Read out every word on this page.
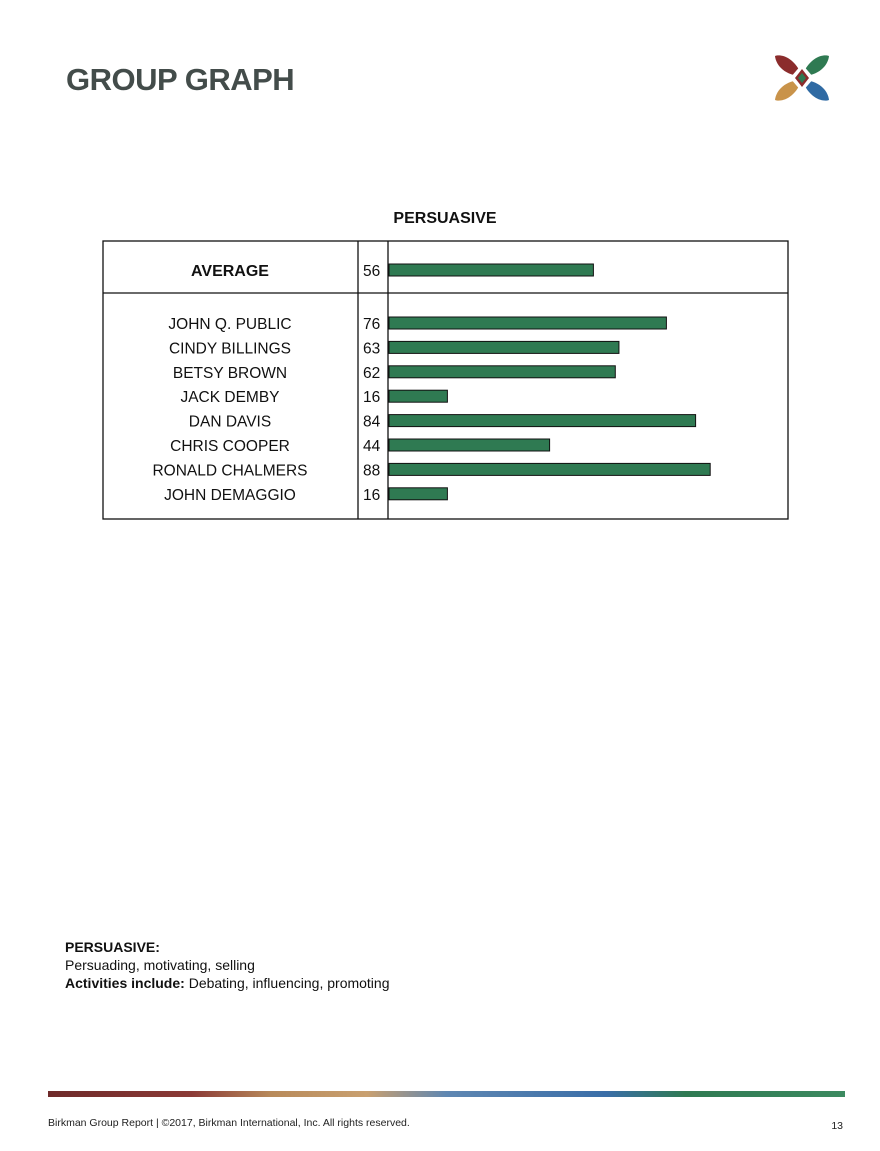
GROUP GRAPH
PERSUASIVE
AVERAGE	56
JOHN Q. PUBLIC	76
CINDY BILLINGS	63
BETSY BROWN	62
JACK DEMBY	16
DAN DAVIS	84
CHRIS COOPER	44
RONALD CHALMERS	88
JOHN DEMAGGIO	16
PERSUASIVE:
Persuading, motivating, selling
Activities include: Debating, influencing, promoting
Birkman Group Report | ©2017, Birkman International, Inc. All rights reserved.	13
